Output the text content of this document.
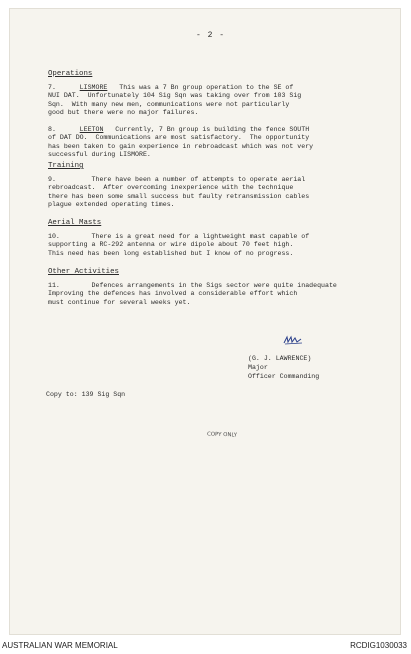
- 2 -
Operations

7.	LISMORE   This was a 7 Bn group operation to the SE of
NUI DAT.  Unfortunately 104 Sig Sqn was taking over from 103 Sig
Sqn.  With many new men, communications were not particularly
good but there were no major failures.

8.	LEETON   Currently, 7 Bn group is building the fence SOUTH
of DAT DO.  Communications are most satisfactory.  The opportunity
has been taken to gain experience in rebroadcast which was not very
successful during LISMORE.

Training

9.         There have been a number of attempts to operate aerial
rebroadcast.  After overcoming inexperience with the technique
there has been some small success but faulty retransmission cables
plague extended operating times.

Aerial Masts

10.        There is a great need for a lightweight mast capable of
supporting a RC-292 antenna or wire dipole about 70 feet high.
This need has been long established but I know of no progress.

Other Activities

11.        Defences arrangements in the Sigs sector were quite inadequate
Improving the defences has involved a considerable effort which
must continue for several weeks yet.

(G. J. LAWRENCE)
Major
Officer Commanding
Copy to: 139 Sig Sqn
COPY ONLY
AUSTRALIAN WAR MEMORIAL	RCDIG1030033
